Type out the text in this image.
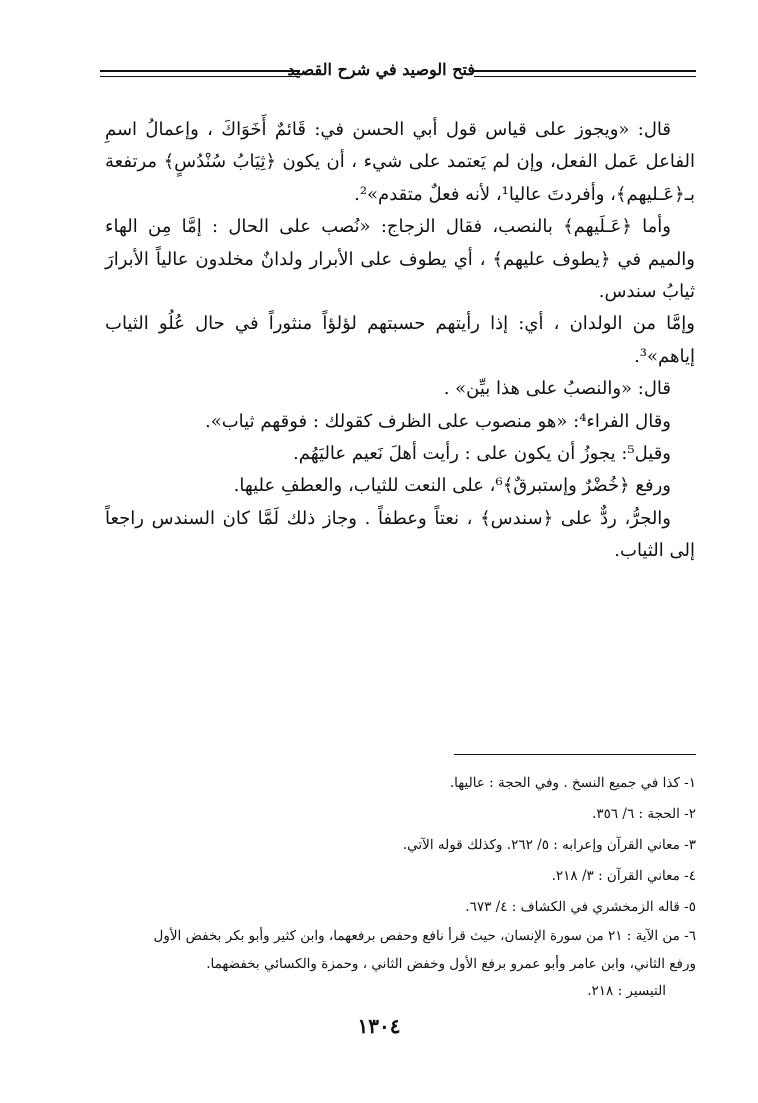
فتح الوصيد في شرح القصيد

قال: «ويجوز على قياس قول أبي الحسن في: قَائمٌ أَخَوَاكَ ، وإعمالُ اسمِ الفاعل عَمل الفعل، وإن لم يَعتمد على شيء ، أن يكون ﴿ثِيَابُ سُنْدُسٍ﴾ مرتفعة بـ﴿عَـليهم﴾، وأفردتَ عاليا¹، لأنه فعلٌ متقدم»².

وأما ﴿عَـلَيهم﴾ بالنصب، فقال الزجاج: «نُصب على الحال : إمَّا مِن الهاء والميم في ﴿يطوف عليهم﴾ ، أي يطوف على الأبرار ولدانٌ مخلدون عالياً الأبرارَ ثيابُ سندس.

وإمَّا من الولدان ، أي: إذا رأيتهم حسبتهم لؤلؤاً منثوراً في حال عُلُو الثياب إياهم»³.

قال: «والنصبُ على هذا بيِّن» .

وقال الفراء⁴: «هو منصوب على الظرف كقولك : فوقهم ثياب».

وقيل⁵: يجوزُ أن يكون على : رأيت أهلَ نَعيم عاليَهُم.

ورفع ﴿خُضْرٌ وإستبرقٌ﴾⁶، على النعت للثياب، والعطفِ عليها.

والجرُّ، ردٌّ على ﴿سندس﴾ ، نعتاً وعطفاً . وجاز ذلك لَمَّا كان السندس راجعاً إلى الثياب.

١- كذا في جميع النسخ . وفي الحجة : عاليها.

٢- الحجة : ٦/ ٣٥٦.

٣- معاني القرآن وإعرابه : ٥/ ٢٦٢. وكذلك قوله الآتي.

٤- معاني القرآن : ٣/ ٢١٨.

٥- قاله الزمخشري في الكشاف : ٤/ ٦٧٣.

٦- من الآية : ٢١ من سورة الإنسان، حيث قرأ نافع وحفص برفعهما، وابن كثير وأبو بكر بخفض الأول

ورفع الثاني، وابن عامر وأبو عمرو برفع الأول وخفض الثاني ، وحمزة والكسائي بخفضهما.

التيسير : ٢١٨.

١٣٠٤
